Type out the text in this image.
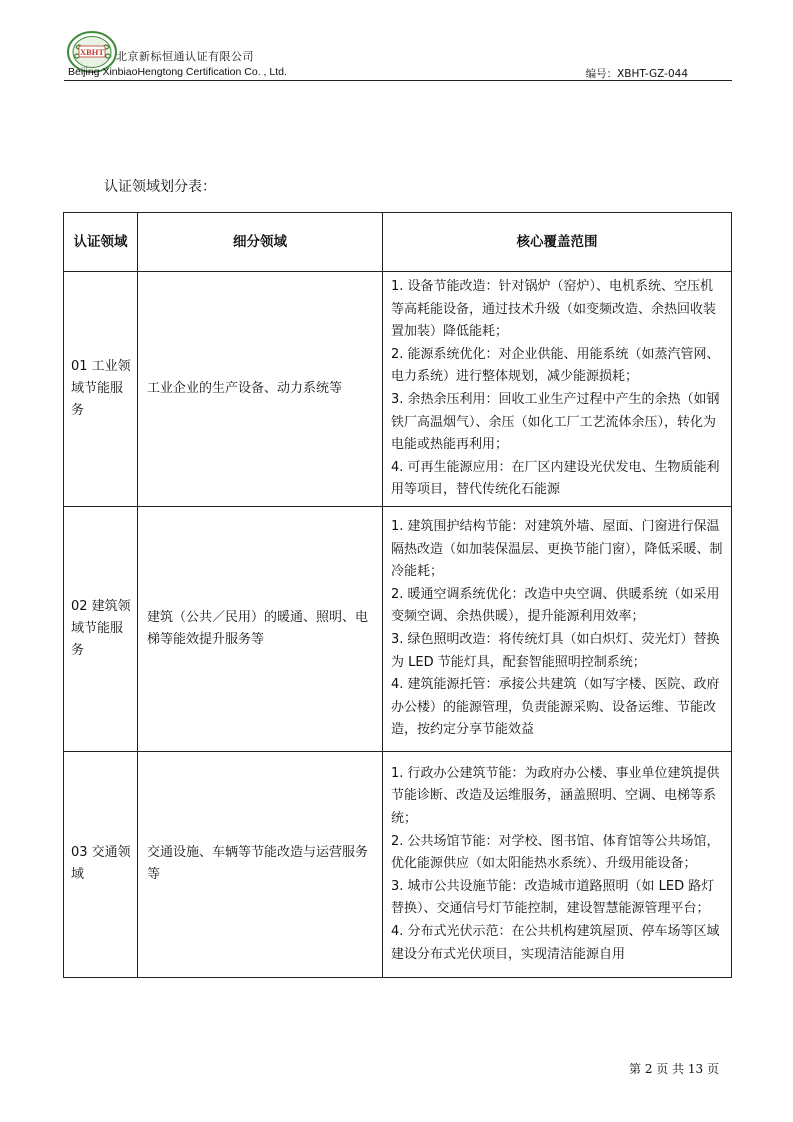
XBHT 北京新标恒通认证有限公司
Beijing XinbiaoHengtong Certification Co. , Ltd.	编号：XBHT-GZ-044
认证领域划分表：
认证领域	细分领域	核心覆盖范围
01 工业领域节能服务	工业企业的生产设备、动力系统等	1. 设备节能改造：针对锅炉（窑炉）、电机系统、空压机等高耗能设备，通过技术升级（如变频改造、余热回收装置加装）降低能耗；
2. 能源系统优化：对企业供能、用能系统（如蒸汽管网、电力系统）进行整体规划，减少能源损耗；
3. 余热余压利用：回收工业生产过程中产生的余热（如钢铁厂高温烟气）、余压（如化工厂工艺流体余压），转化为电能或热能再利用；
4. 可再生能源应用：在厂区内建设光伏发电、生物质能利用等项目，替代传统化石能源

02 建筑领域节能服务	建筑（公共／民用）的暖通、照明、电梯等能效提升服务等	1. 建筑围护结构节能：对建筑外墙、屋面、门窗进行保温隔热改造（如加装保温层、更换节能门窗），降低采暖、制冷能耗；
2. 暖通空调系统优化：改造中央空调、供暖系统（如采用变频空调、余热供暖），提升能源利用效率；
3. 绿色照明改造：将传统灯具（如白炽灯、荧光灯）替换为 LED 节能灯具，配套智能照明控制系统；
4. 建筑能源托管：承接公共建筑（如写字楼、医院、政府办公楼）的能源管理，负责能源采购、设备运维、节能改造，按约定分享节能效益

03 交通领域	交通设施、车辆等节能改造与运营服务等	1. 行政办公建筑节能：为政府办公楼、事业单位建筑提供节能诊断、改造及运维服务，涵盖照明、空调、电梯等系统；
2. 公共场馆节能：对学校、图书馆、体育馆等公共场馆，优化能源供应（如太阳能热水系统）、升级用能设备；
3. 城市公共设施节能：改造城市道路照明（如 LED 路灯替换）、交通信号灯节能控制，建设智慧能源管理平台；
4. 分布式光伏示范：在公共机构建筑屋顶、停车场等区域建设分布式光伏项目，实现清洁能源自用
第 2 页 共 13 页
